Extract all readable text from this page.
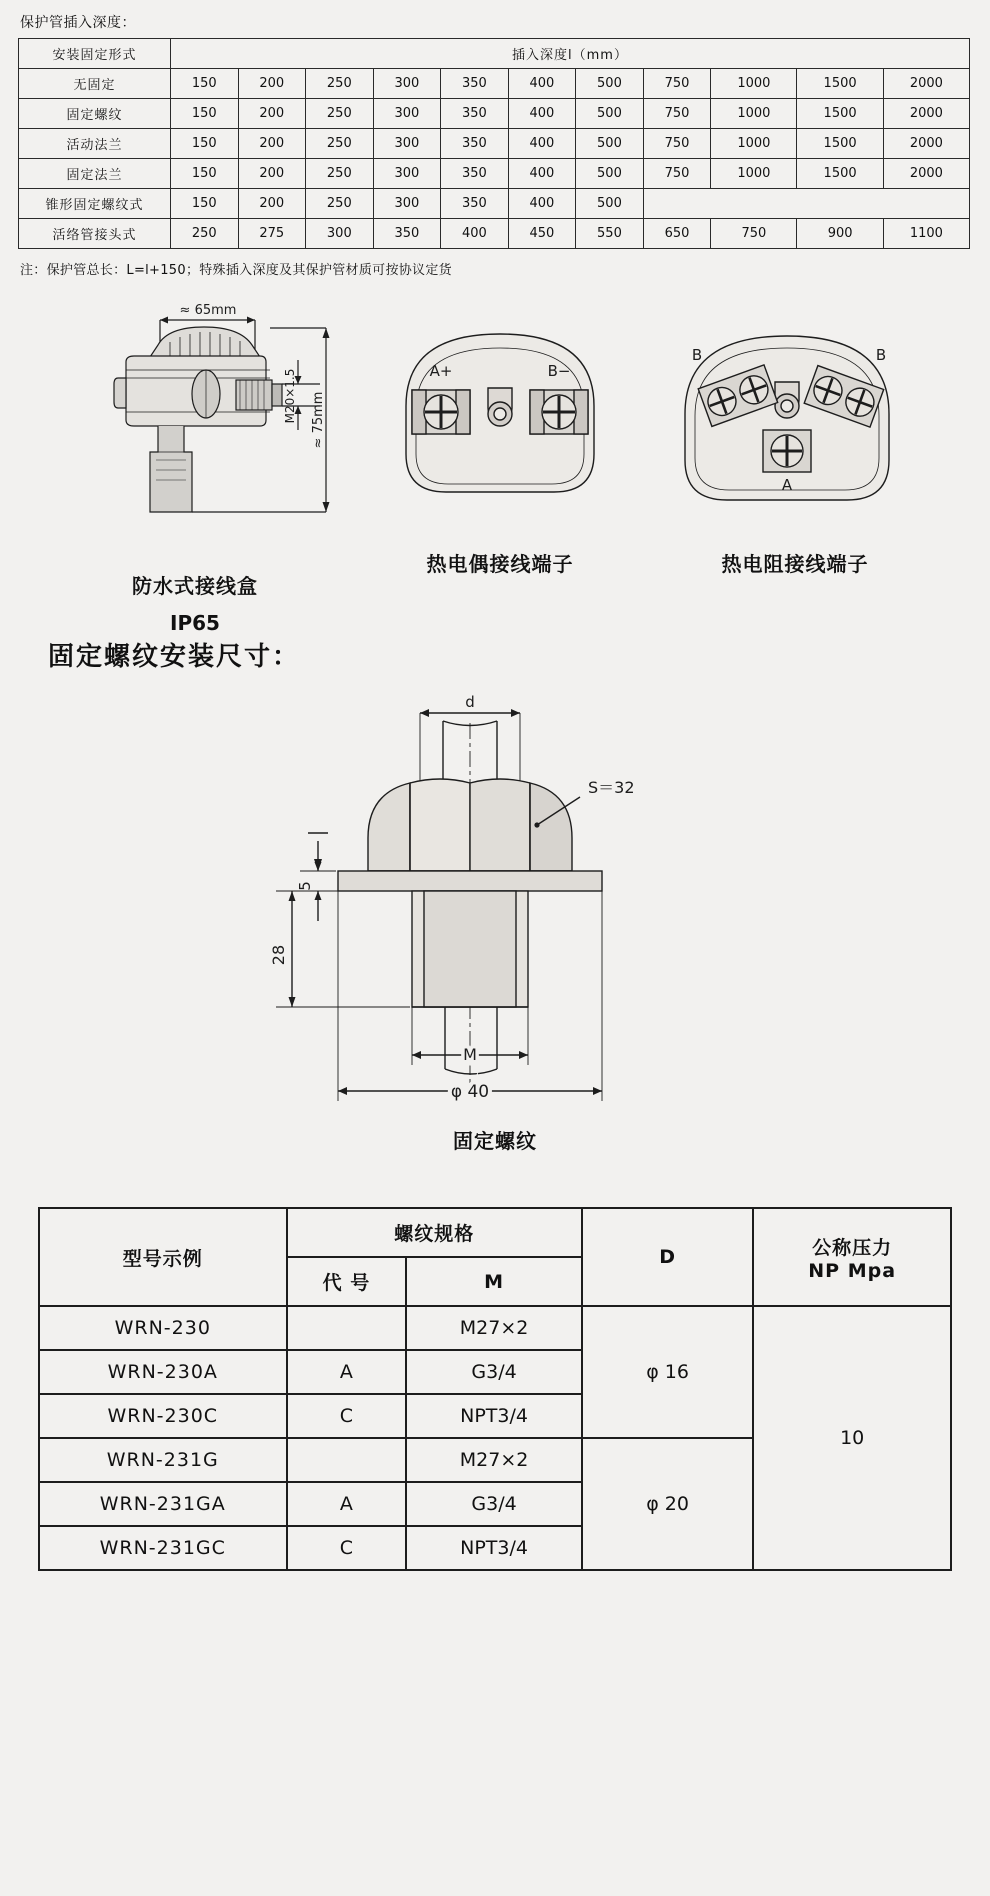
保护管插入深度：
安装固定形式	插入深度l（mm）										
无固定	150	200	250	300	350	400	500	750	1000	1500	2000
固定螺纹	150	200	250	300	350	400	500	750	1000	1500	2000
活动法兰	150	200	250	300	350	400	500	750	1000	1500	2000
固定法兰	150	200	250	300	350	400	500	750	1000	1500	2000
锥形固定螺纹式	150	200	250	300	350	400	500				
活络管接头式	250	275	300	350	400	450	550	650	750	900	1100
注：保护管总长：L=l+150；特殊插入深度及其保护管材质可按协议定货
≈ 65mm
M20×1.5 ≈ 75mm
防水式接线盒
IP65
A+	B−
热电偶接线端子
B	B
A
热电阻接线端子
固定螺纹安装尺寸：
d
S＝32
5
28
M
φ 40
固定螺纹
型号示例	螺纹规格		D	公称压力
NP Mpa

	代 号	M		
WRN-230		M27×2	φ 16	10
WRN-230A	A	G3/4		
WRN-230C	C	NPT3/4		
WRN-231G		M27×2	φ 20	
WRN-231GA	A	G3/4		
WRN-231GC	C	NPT3/4		
